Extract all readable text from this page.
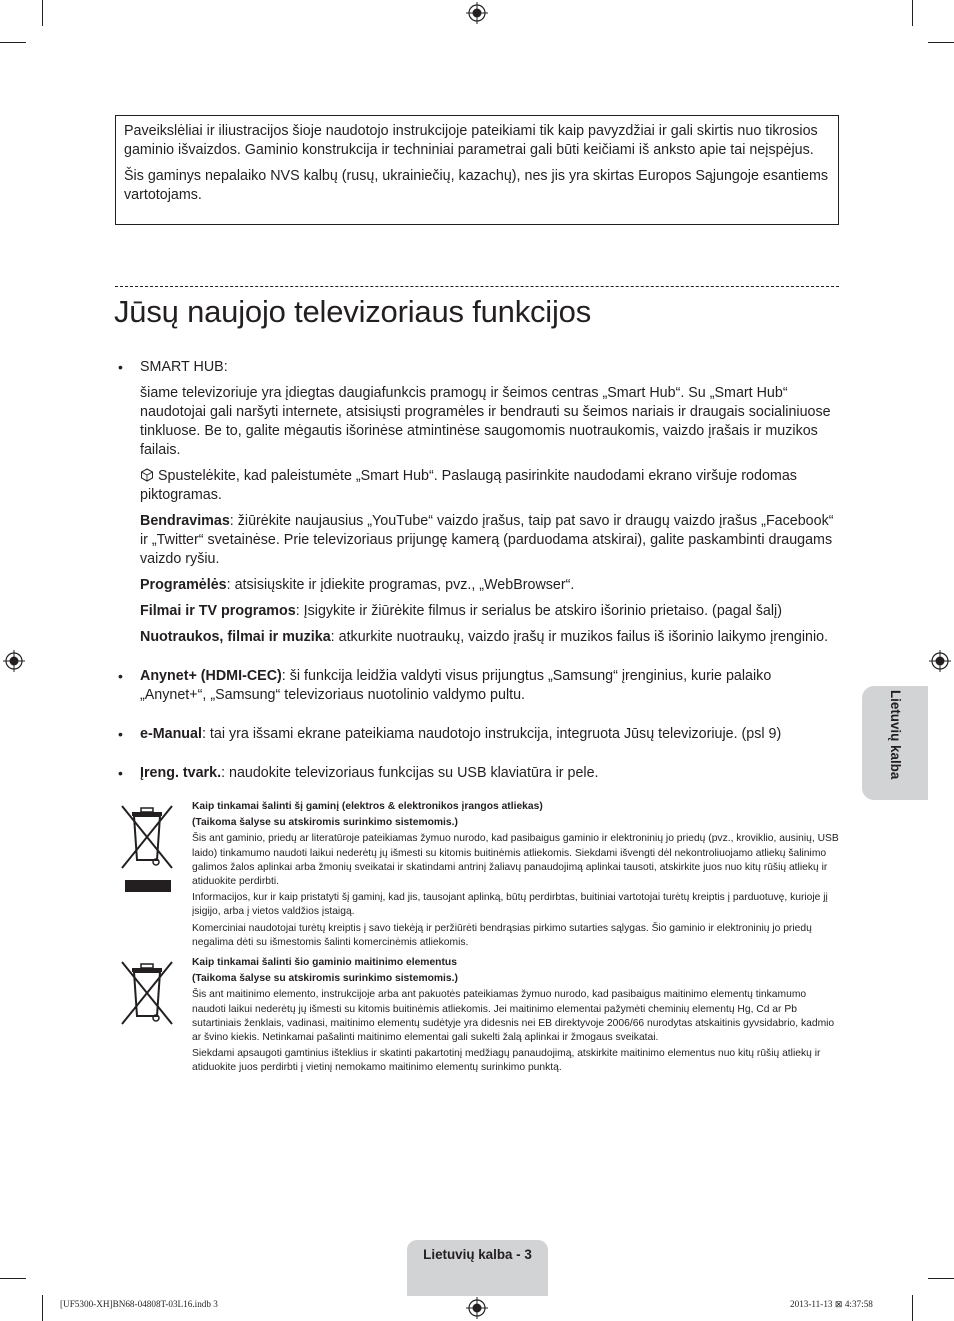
Paveikslėliai ir iliustracijos šioje naudotojo instrukcijoje pateikiami tik kaip pavyzdžiai ir gali skirtis nuo tikrosios gaminio išvaizdos. Gaminio konstrukcija ir techniniai parametrai gali būti keičiami iš anksto apie tai neįspėjus.

Šis gaminys nepalaiko NVS kalbų (rusų, ukrainiečių, kazachų), nes jis yra skirtas Europos Sąjungoje esantiems vartotojams.

Jūsų naujojo televizoriaus funkcijos
• SMART HUB:

šiame televizoriuje yra įdiegtas daugiafunkcis pramogų ir šeimos centras „Smart Hub“. Su „Smart Hub“ naudotojai gali naršyti internete, atsisiųsti programėles ir bendrauti su šeimos nariais ir draugais socialiniuose tinkluose. Be to, galite mėgautis išorinėse atmintinėse saugomomis nuotraukomis, vaizdo įrašais ir muzikos failais.

Spustelėkite, kad paleistumėte „Smart Hub“. Paslaugą pasirinkite naudodami ekrano viršuje rodomas piktogramas.

Bendravimas: žiūrėkite naujausius „YouTube“ vaizdo įrašus, taip pat savo ir draugų vaizdo įrašus „Facebook“ ir „Twitter“ svetainėse. Prie televizoriaus prijungę kamerą (parduodama atskirai), galite paskambinti draugams vaizdo ryšiu.

Programėlės: atsisiųskite ir įdiekite programas, pvz., „WebBrowser“.

Filmai ir TV programos: Įsigykite ir žiūrėkite filmus ir serialus be atskiro išorinio prietaiso. (pagal šalį)

Nuotraukos, filmai ir muzika: atkurkite nuotraukų, vaizdo įrašų ir muzikos failus iš išorinio laikymo įrenginio.

• Anynet+ (HDMI-CEC): ši funkcija leidžia valdyti visus prijungtus „Samsung“ įrenginius, kurie palaiko „Anynet+“, „Samsung“ televizoriaus nuotolinio valdymo pultu.
• e-Manual: tai yra išsami ekrane pateikiama naudotojo instrukcija, integruota Jūsų televizoriuje. (psl 9)
• Įreng. tvark.: naudokite televizoriaus funkcijas su USB klaviatūra ir pele.

Kaip tinkamai šalinti šį gaminį (elektros & elektronikos įrangos atliekas)

(Taikoma šalyse su atskiromis surinkimo sistemomis.)

Šis ant gaminio, priedų ar literatūroje pateikiamas žymuo nurodo, kad pasibaigus gaminio ir elektroninių jo priedų (pvz., kroviklio, ausinių, USB laido) tinkamumo naudoti laikui nederėtų jų išmesti su kitomis buitinėmis atliekomis. Siekdami išvengti dėl nekontroliuojamo atliekų šalinimo galimos žalos aplinkai arba žmonių sveikatai ir skatindami antrinį žaliavų panaudojimą aplinkai tausoti, atskirkite juos nuo kitų rūšių atliekų ir atiduokite perdirbti.

Informacijos, kur ir kaip pristatyti šį gaminį, kad jis, tausojant aplinką, būtų perdirbtas, buitiniai vartotojai turėtų kreiptis į parduotuvę, kurioje jį įsigijo, arba į vietos valdžios įstaigą.

Komerciniai naudotojai turėtų kreiptis į savo tiekėją ir peržiūrėti bendrąsias pirkimo sutarties sąlygas. Šio gaminio ir elektroninių jo priedų negalima dėti su išmestomis šalinti komercinėmis atliekomis.

Kaip tinkamai šalinti šio gaminio maitinimo elementus

(Taikoma šalyse su atskiromis surinkimo sistemomis.)

Šis ant maitinimo elemento, instrukcijoje arba ant pakuotės pateikiamas žymuo nurodo, kad pasibaigus maitinimo elementų tinkamumo naudoti laikui nederėtų jų išmesti su kitomis buitinėmis atliekomis. Jei maitinimo elementai pažymėti cheminių elementų Hg, Cd ar Pb sutartiniais ženklais, vadinasi, maitinimo elementų sudėtyje yra didesnis nei EB direktyvoje 2006/66 nurodytas atskaitinis gyvsidabrio, kadmio ar švino kiekis. Netinkamai pašalinti maitinimo elementai gali sukelti žalą aplinkai ir žmogaus sveikatai.

Siekdami apsaugoti gamtinius išteklius ir skatinti pakartotinį medžiagų panaudojimą, atskirkite maitinimo elementus nuo kitų rūšių atliekų ir atiduokite juos perdirbti į vietinį nemokamo maitinimo elementų surinkimo punktą.

Lietuvių kalba
Lietuvių kalba - 3
[UF5300-XH]BN68-04808T-03L16.indb 3	2013-11-13 ⊠ 4:37:58
